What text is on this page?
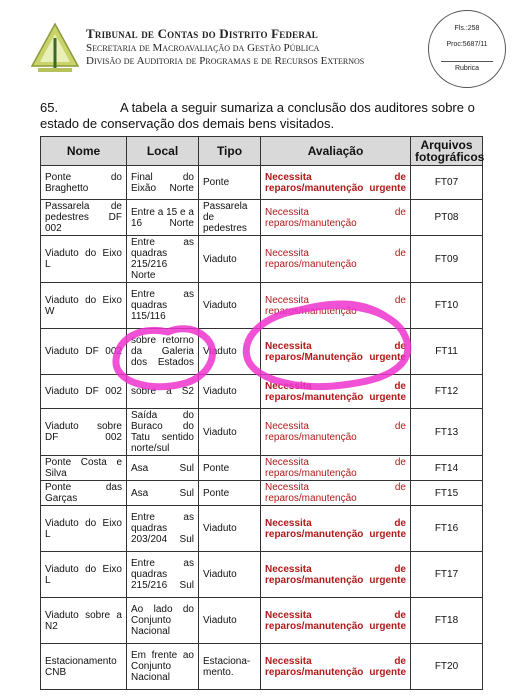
Tribunal de Contas do Distrito Federal
Secretaria de Macroavaliação da Gestão Pública
Divisão de Auditoria de Programas e de Recursos Externos
Fls.:258
Proc:5687/11
Rubrica
65.	A tabela a seguir sumariza a conclusão dos auditores sobre o estado de conservação dos demais bens visitados.
Nome	Local	Tipo	Avaliação	Arquivos fotográficos
Ponte do Braghetto	Final do Eixão Norte	Ponte	Necessita de reparos/manutenção urgente	FT07
Passarela de pedestres DF 002	Entre a 15 e a 16 Norte	Passarela de pedestres	Necessita de reparos/manutenção	PT08
Viaduto do Eixo L	Entre as quadras 215/216 Norte	Viaduto	Necessita de reparos/manutenção	FT09
Viaduto do Eixo W	Entre as quadras 115/116	Viaduto	Necessita de reparos/manutenção	FT10
Viaduto DF 002	sobre retorno da Galeria dos Estados	Viaduto	Necessita de reparos/Manutenção urgente	FT11
Viaduto DF 002	sobre a S2	Viaduto	Necessita de reparos/manutenção urgente	FT12
Viaduto sobre DF 002	Saída do Buraco do Tatu sentido norte/sul	Viaduto	Necessita de reparos/manutenção	FT13
Ponte Costa e Silva	Asa Sul	Ponte	Necessita de reparos/manutenção	FT14
Ponte das Garças	Asa Sul	Ponte	Necessita de reparos/manutenção	FT15
Viaduto do Eixo L	Entre as quadras 203/204 Sul	Viaduto	Necessita de reparos/manutenção urgente	FT16
Viaduto do Eixo L	Entre as quadras 215/216 Sul	Viaduto	Necessita de reparos/manutenção urgente	FT17
Viaduto sobre a N2	Ao lado do Conjunto Nacional	Viaduto	Necessita de reparos/manutenção urgente	FT18
Estacionamento CNB	Em frente ao Conjunto Nacional	Estaciona-mento.	Necessita de reparos/manutenção urgente	FT20
